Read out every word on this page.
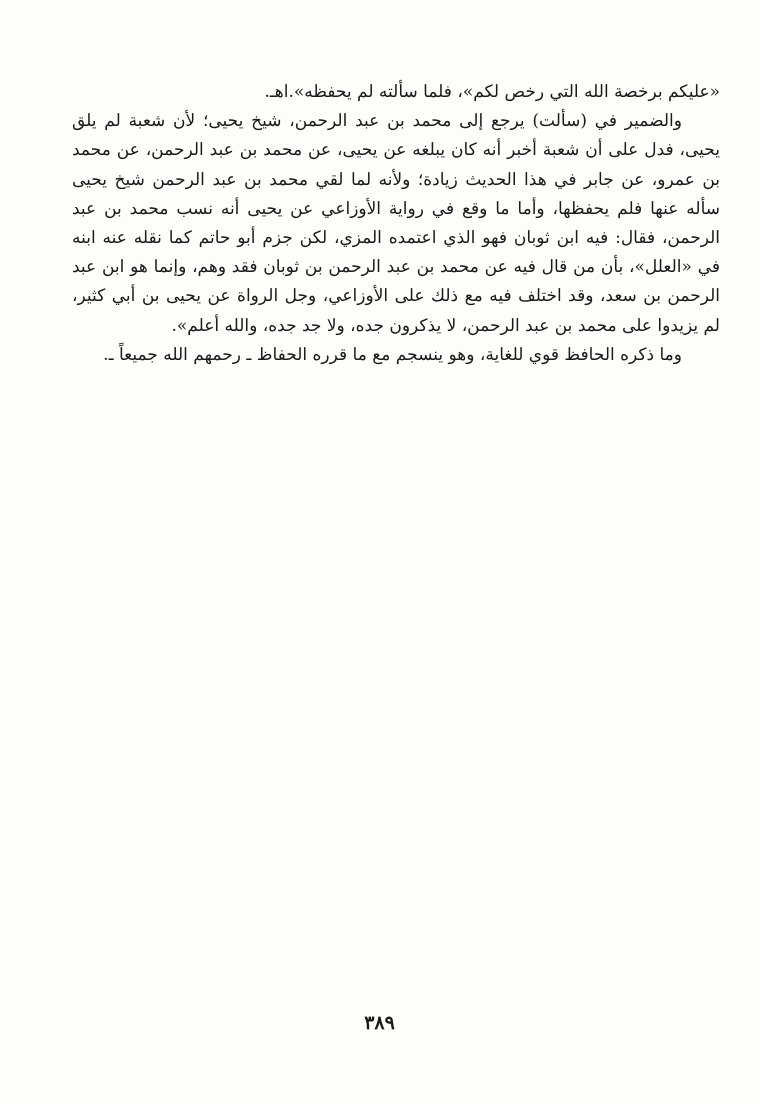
«عليكم برخصة الله التي رخص لكم»، فلما سألته لم يحفظه».اهـ.

والضمير في (سألت) يرجع إلى محمد بن عبد الرحمن، شيخ يحيى؛ لأن شعبة لم يلق يحيى، فدل على أن شعبة أخبر أنه كان يبلغه عن يحيى، عن محمد بن عبد الرحمن، عن محمد بن عمرو، عن جابر في هذا الحديث زيادة؛ ولأنه لما لقي محمد بن عبد الرحمن شيخ يحيى سأله عنها فلم يحفظها، وأما ما وقع في رواية الأوزاعي عن يحيى أنه نسب محمد بن عبد الرحمن، فقال: فيه ابن ثوبان فهو الذي اعتمده المزي، لكن جزم أبو حاتم كما نقله عنه ابنه في «العلل»، بأن من قال فيه عن محمد بن عبد الرحمن بن ثوبان فقد وهم، وإنما هو ابن عبد الرحمن بن سعد، وقد اختلف فيه مع ذلك على الأوزاعي، وجل الرواة عن يحيى بن أبي كثير، لم يزيدوا على محمد بن عبد الرحمن، لا يذكرون جده، ولا جد جده، والله أعلم».

وما ذكره الحافظ قوي للغاية، وهو ينسجم مع ما قرره الحفاظ ـ رحمهم الله جميعاً ـ.

٣٨٩
